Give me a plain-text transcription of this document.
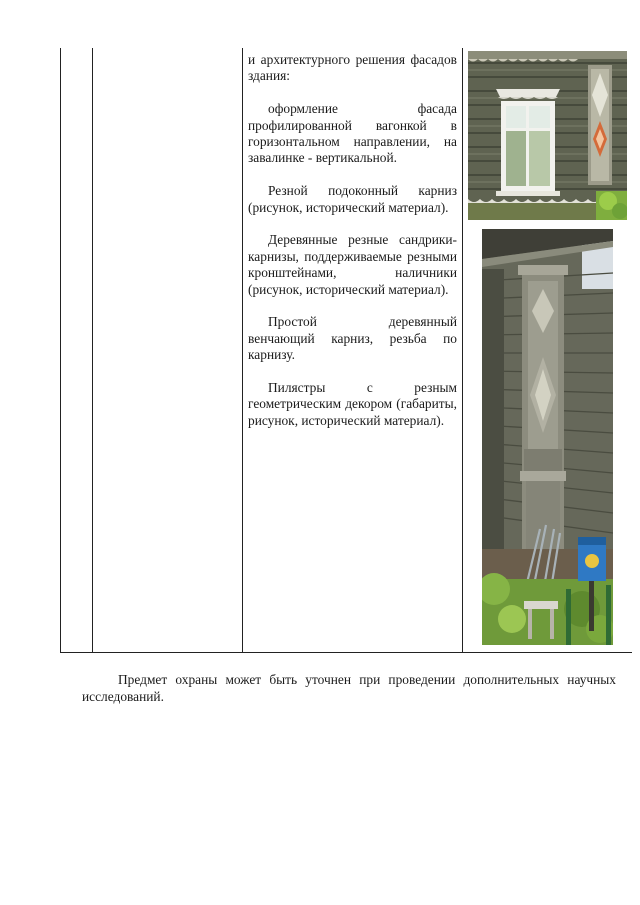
и архитектурного решения фасадов здания:

оформление фасада профилированной вагонкой в горизонтальном направлении, на завалинке - вертикальной.

Резной подоконный карниз (рисунок, исторический материал).

Деревянные резные сандрики-карнизы, поддерживаемые резными кронштейнами, наличники (рисунок, исторический материал).

Простой деревянный венчающий карниз, резьба по карнизу.

Пилястры с резным геометрическим декором (габариты, рисунок, исторический материал).

Предмет охраны может быть уточнен при проведении дополнительных научных исследований.
